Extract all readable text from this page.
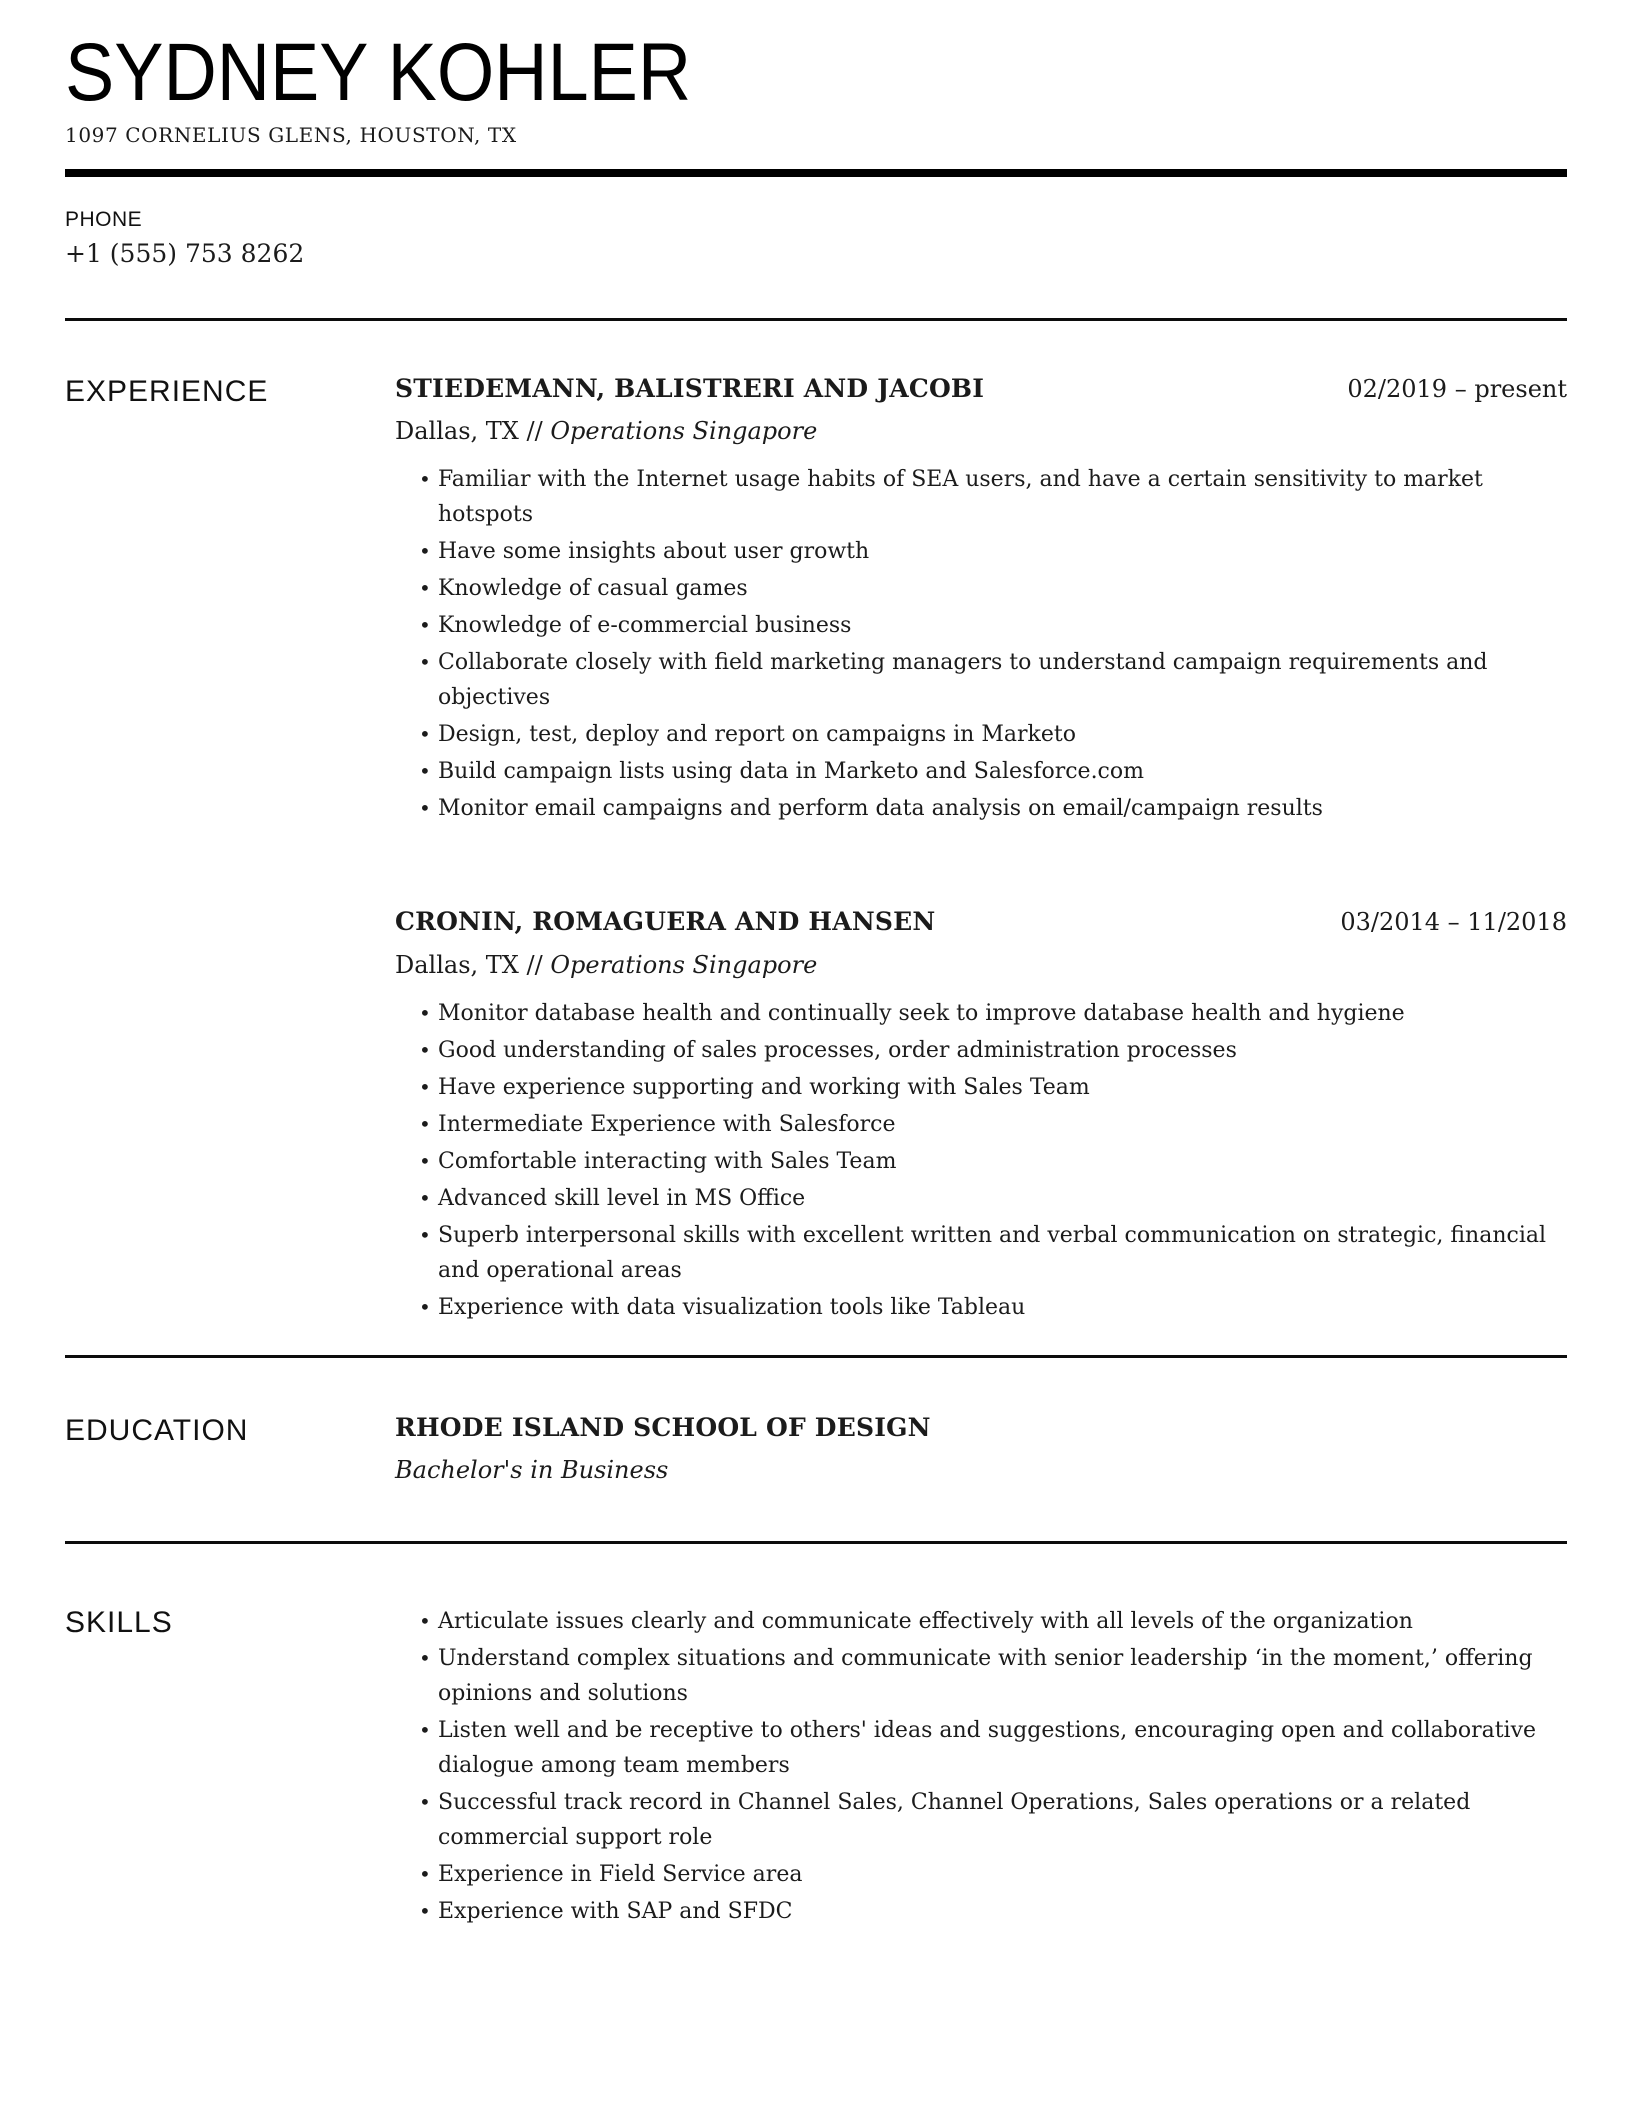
SYDNEY KOHLER
1097 CORNELIUS GLENS, HOUSTON, TX
PHONE
+1 (555) 753 8262
EXPERIENCE	STIEDEMANN, BALISTRERI AND JACOBI	02/2019 – present
Dallas, TX // Operations Singapore
• Familiar with the Internet usage habits of SEA users, and have a certain sensitivity to market hotspots
• Have some insights about user growth
• Knowledge of casual games
• Knowledge of e-commercial business
• Collaborate closely with field marketing managers to understand campaign requirements and objectives
• Design, test, deploy and report on campaigns in Marketo
• Build campaign lists using data in Marketo and Salesforce.com
• Monitor email campaigns and perform data analysis on email/campaign results
CRONIN, ROMAGUERA AND HANSEN	03/2014 – 11/2018
Dallas, TX // Operations Singapore
• Monitor database health and continually seek to improve database health and hygiene
• Good understanding of sales processes, order administration processes
• Have experience supporting and working with Sales Team
• Intermediate Experience with Salesforce
• Comfortable interacting with Sales Team
• Advanced skill level in MS Office
• Superb interpersonal skills with excellent written and verbal communication on strategic, financial and operational areas
• Experience with data visualization tools like Tableau
EDUCATION	RHODE ISLAND SCHOOL OF DESIGN
Bachelor's in Business
SKILLS	• Articulate issues clearly and communicate effectively with all levels of the organization
• Understand complex situations and communicate with senior leadership ‘in the moment,’ offering opinions and solutions
• Listen well and be receptive to others' ideas and suggestions, encouraging open and collaborative dialogue among team members
• Successful track record in Channel Sales, Channel Operations, Sales operations or a related commercial support role
• Experience in Field Service area
• Experience with SAP and SFDC
